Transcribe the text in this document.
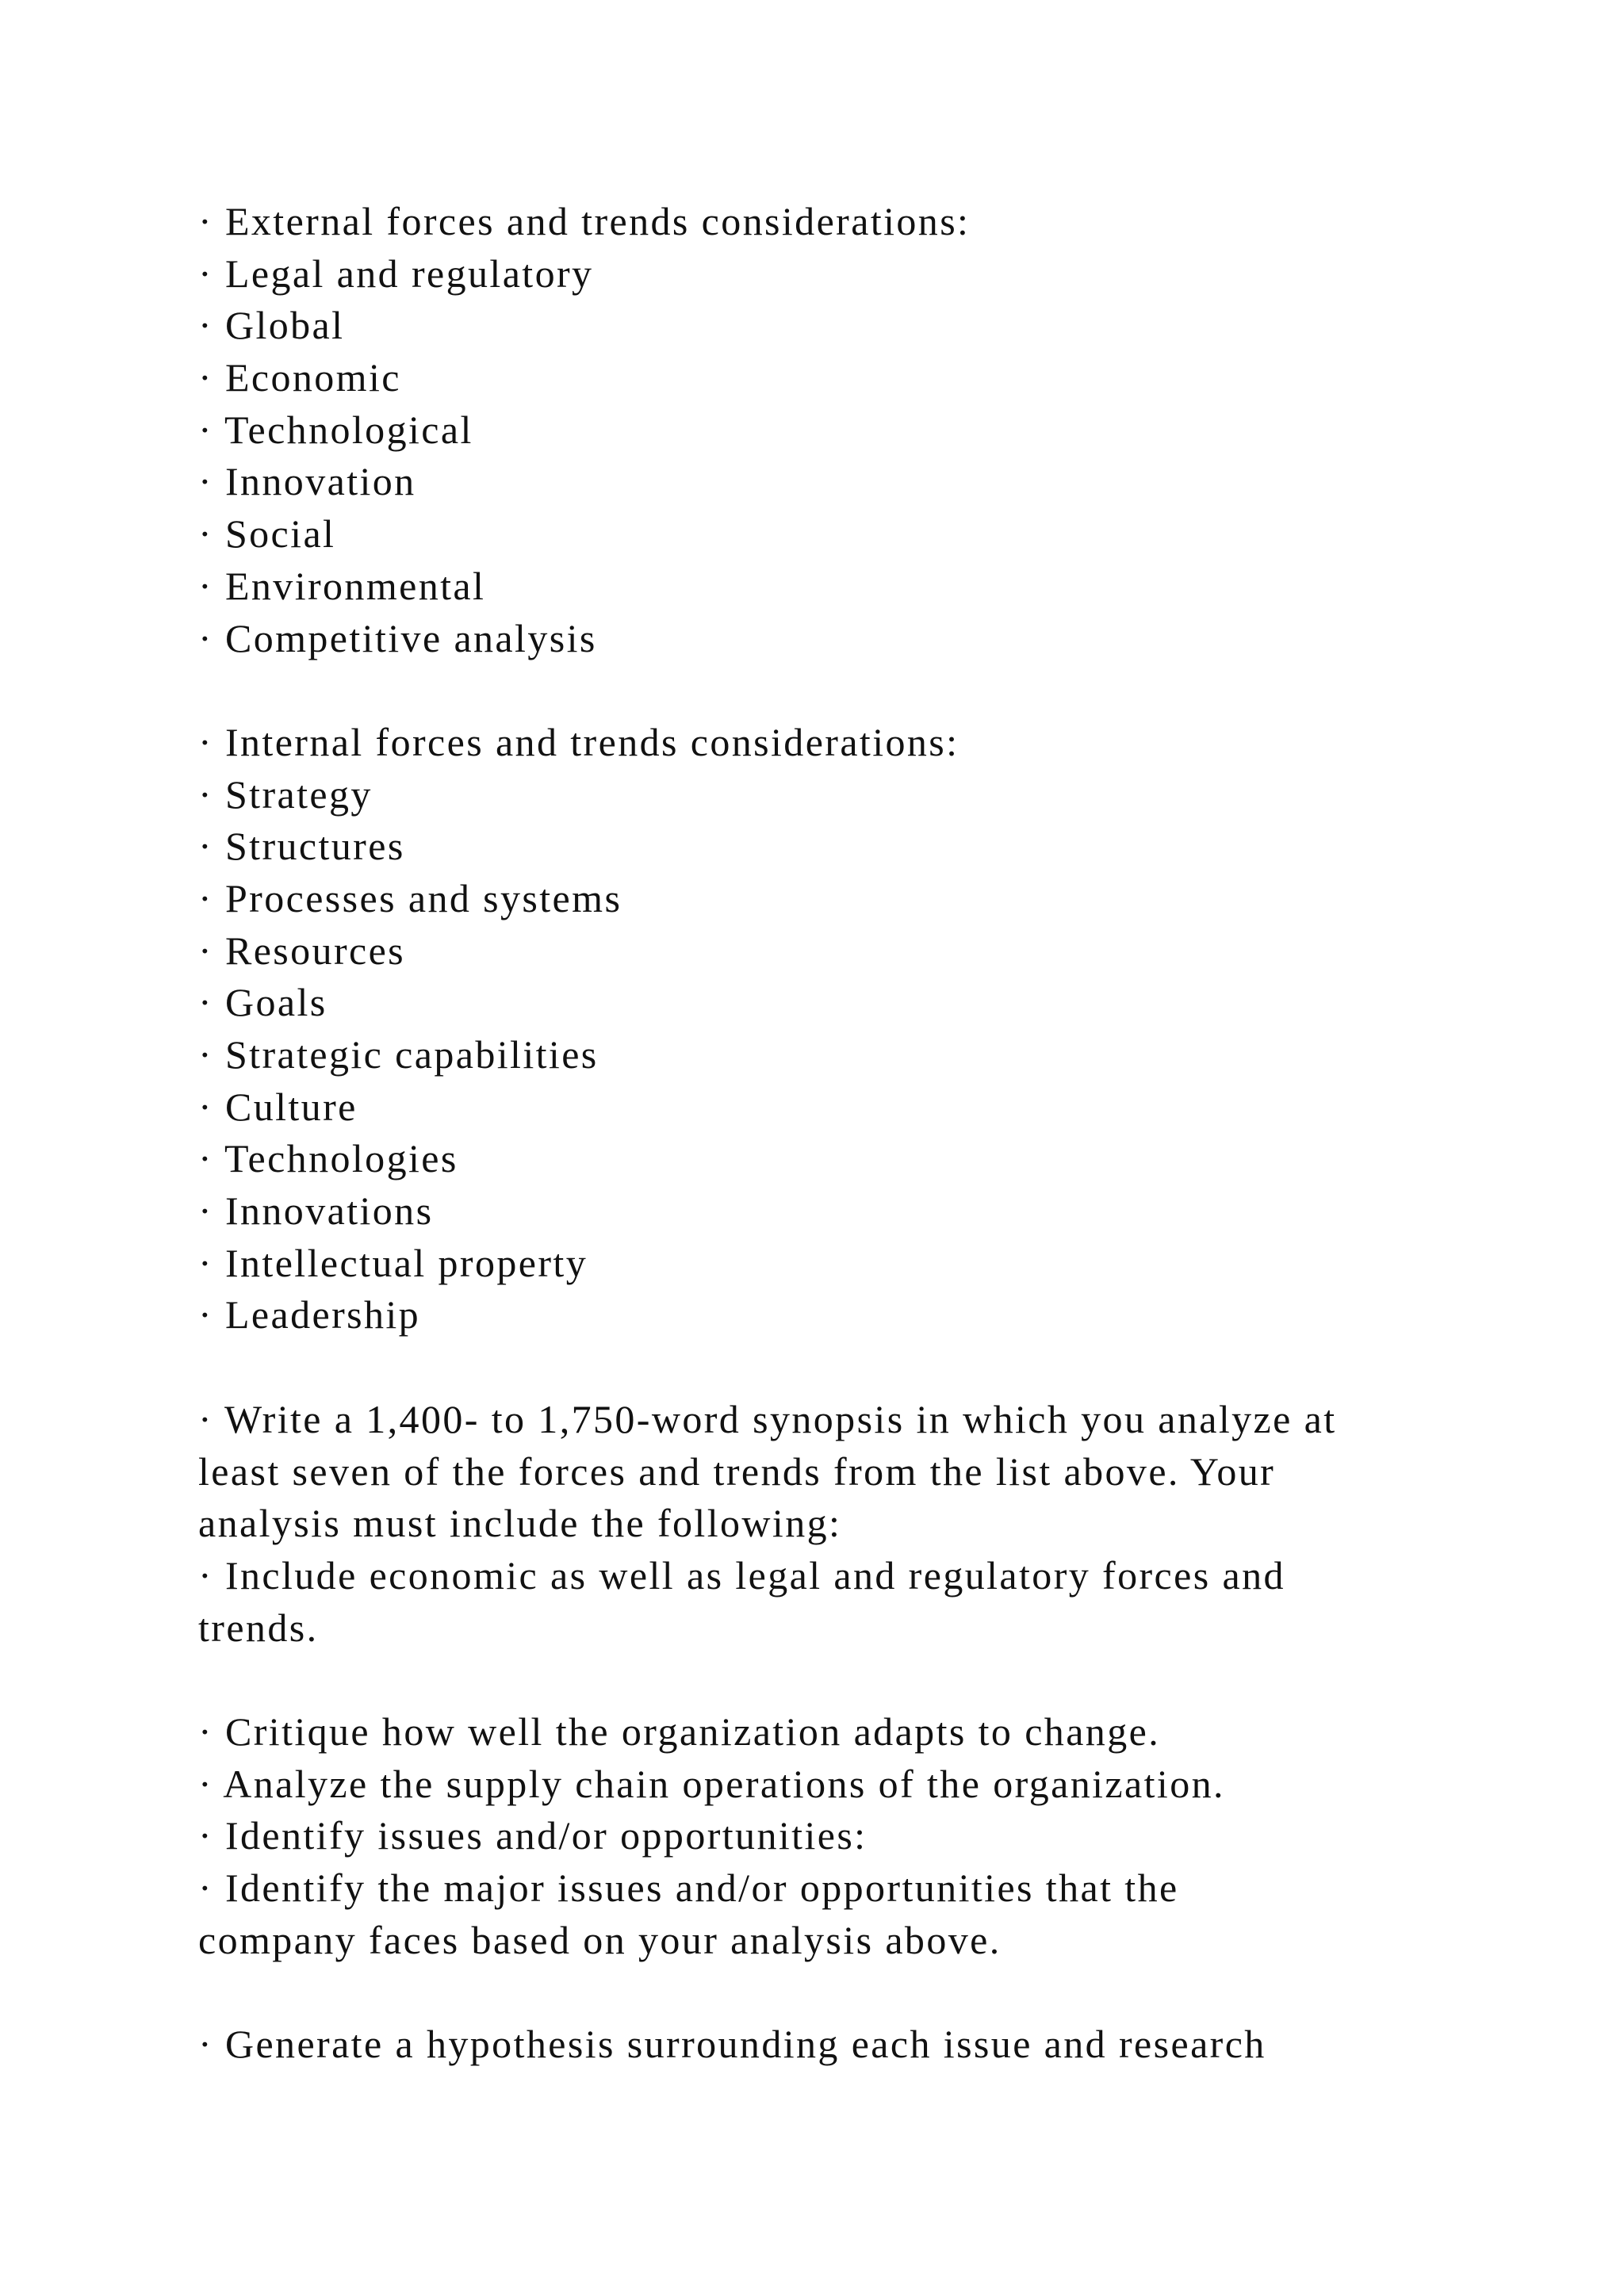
· External forces and trends considerations:
· Legal and regulatory
· Global
· Economic
· Technological
· Innovation
· Social
· Environmental
· Competitive analysis
· Internal forces and trends considerations:
· Strategy
· Structures
· Processes and systems
· Resources
· Goals
· Strategic capabilities
· Culture
· Technologies
· Innovations
· Intellectual property
· Leadership
· Write a 1,400- to 1,750-word synopsis in which you analyze at
least seven of the forces and trends from the list above. Your
analysis must include the following:
· Include economic as well as legal and regulatory forces and
trends.
· Critique how well the organization adapts to change.
· Analyze the supply chain operations of the organization.
· Identify issues and/or opportunities:
· Identify the major issues and/or opportunities that the
company faces based on your analysis above.
· Generate a hypothesis surrounding each issue and research
